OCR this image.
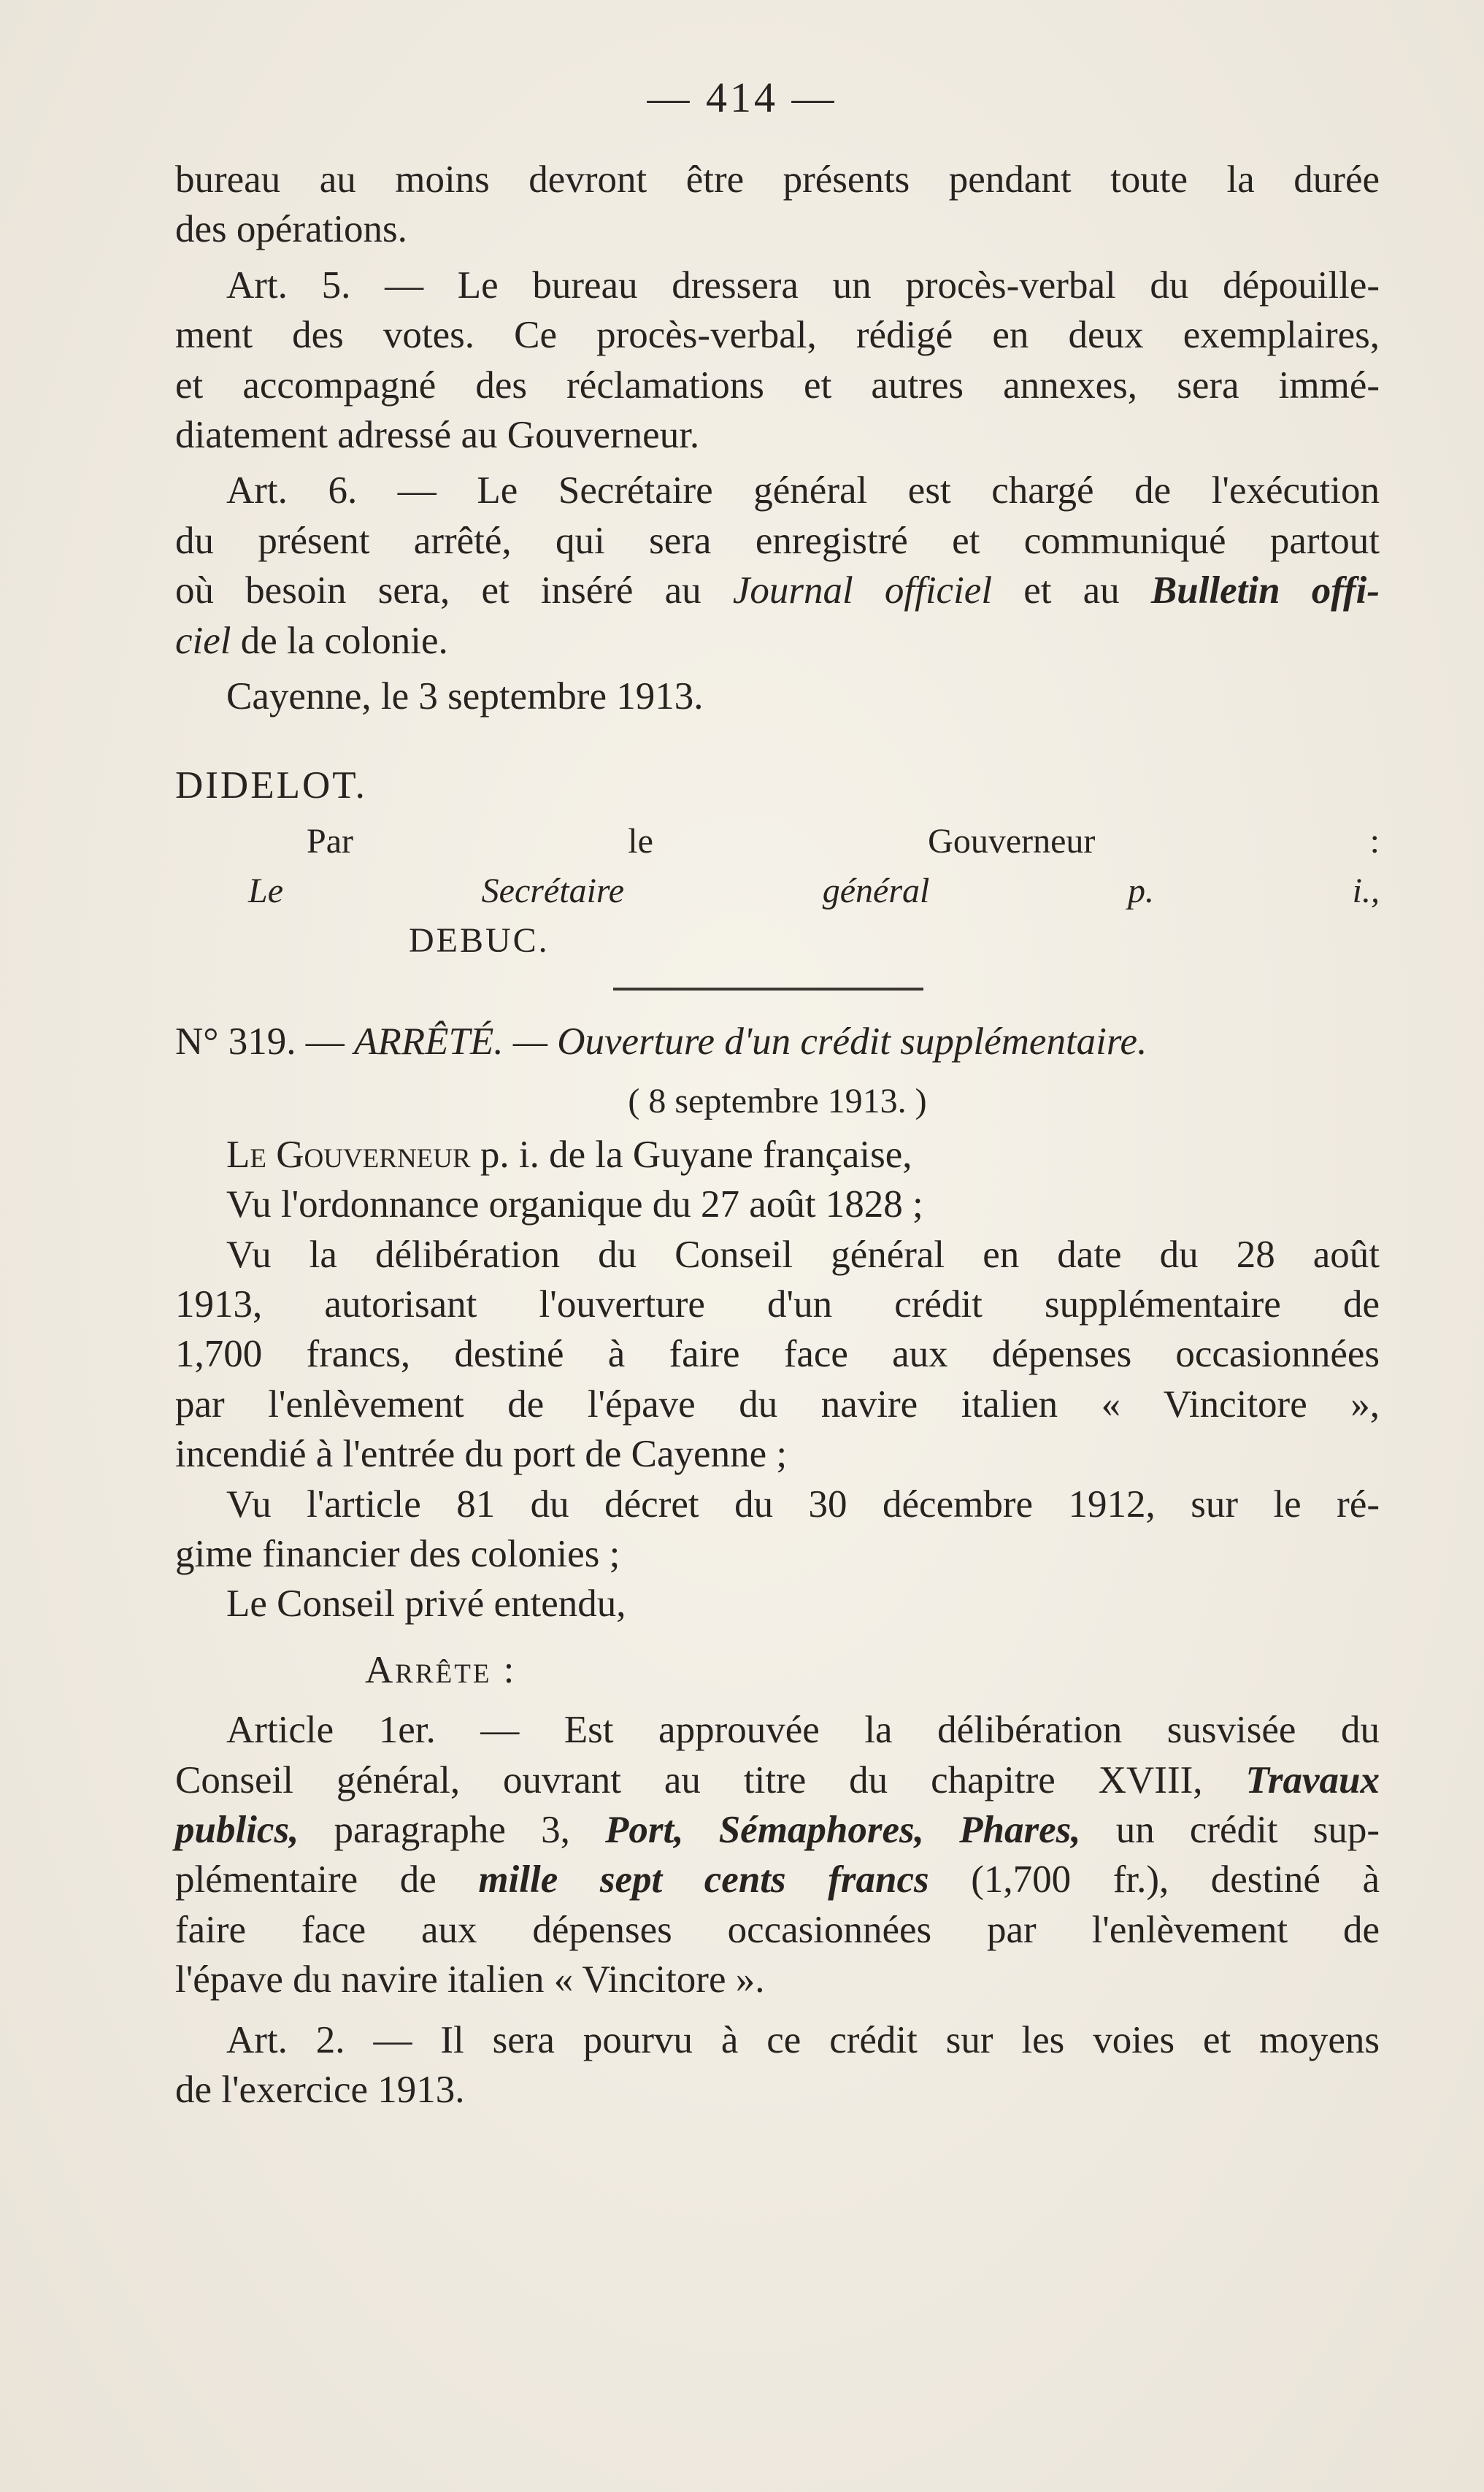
— 414 —

bureau au moins devront être présents pendant toute la durée

des opérations.

Art. 5. — Le bureau dressera un procès-verbal du dépouille-

ment des votes. Ce procès-verbal, rédigé en deux exemplaires,

et accompagné des réclamations et autres annexes, sera immé-

diatement adressé au Gouverneur.

Art. 6. — Le Secrétaire général est chargé de l'exécution

du présent arrêté, qui sera enregistré et communiqué partout

où besoin sera, et inséré au Journal officiel et au Bulletin offi-

ciel de la colonie.

Cayenne, le 3 septembre 1913.

DIDELOT.

Par le Gouverneur :

Le Secrétaire général p. i.,

DEBUC.

N° 319. — ARRÊTÉ. — Ouverture d'un crédit supplémentaire.

( 8 septembre 1913. )

Le Gouverneur p. i. de la Guyane française,

Vu l'ordonnance organique du 27 août 1828 ;

Vu la délibération du Conseil général en date du 28 août

1913, autorisant l'ouverture d'un crédit supplémentaire de

1,700 francs, destiné à faire face aux dépenses occasionnées

par l'enlèvement de l'épave du navire italien « Vincitore »,

incendié à l'entrée du port de Cayenne ;

Vu l'article 81 du décret du 30 décembre 1912, sur le ré-

gime financier des colonies ;

Le Conseil privé entendu,

Arrête :

Article 1er. — Est approuvée la délibération susvisée du

Conseil général, ouvrant au titre du chapitre XVIII, Travaux

publics, paragraphe 3, Port, Sémaphores, Phares, un crédit sup-

plémentaire de mille sept cents francs (1,700 fr.), destiné à

faire face aux dépenses occasionnées par l'enlèvement de

l'épave du navire italien « Vincitore ».

Art. 2. — Il sera pourvu à ce crédit sur les voies et moyens

de l'exercice 1913.
